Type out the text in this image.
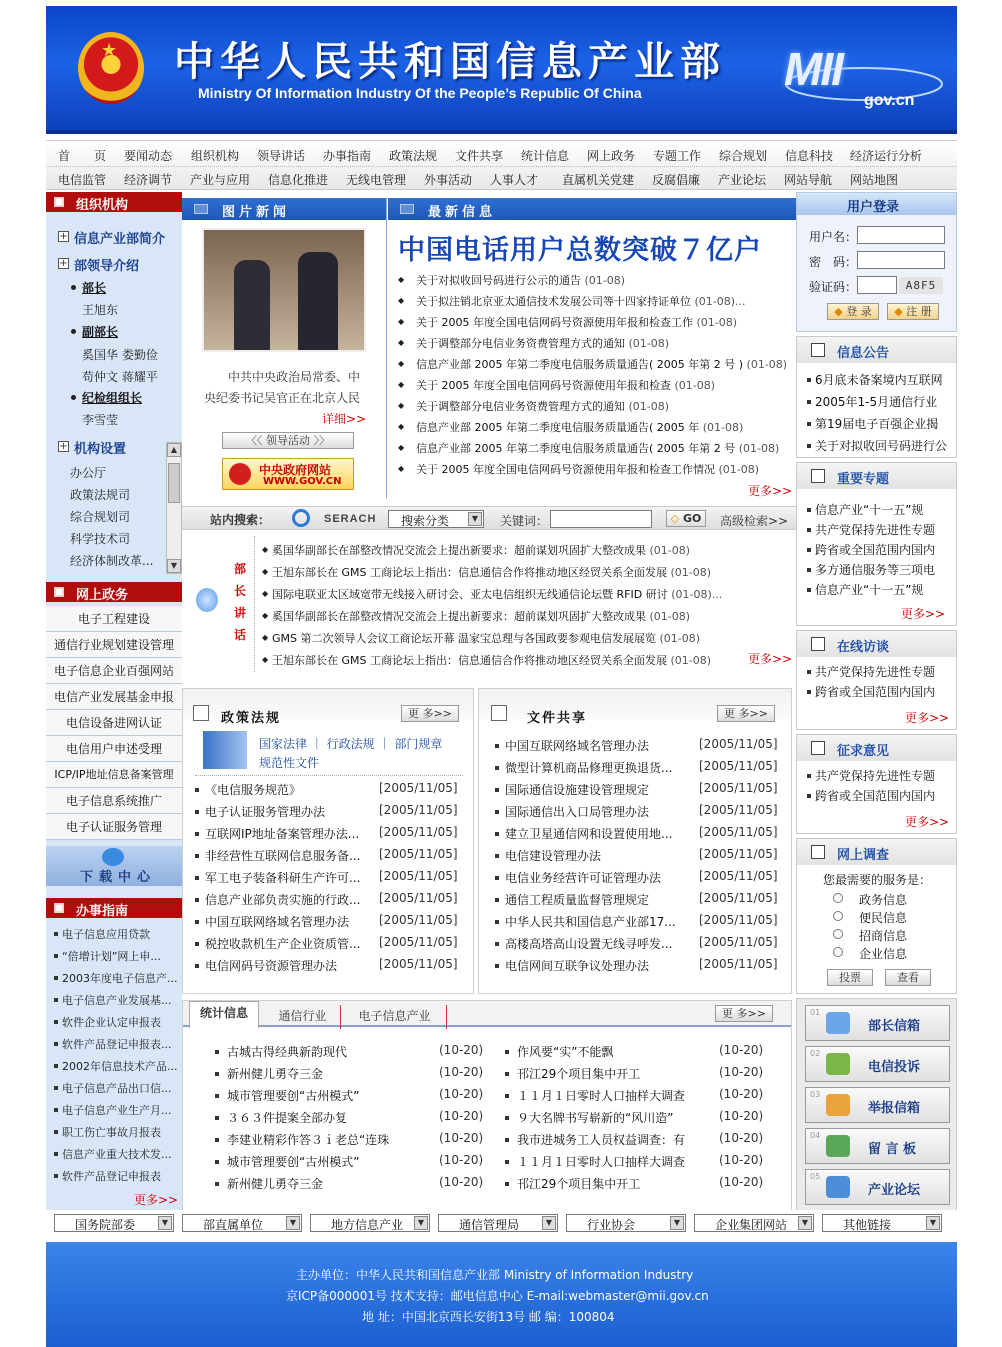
★ 中华人民共和国信息产业部
Ministry Of Information Industry Of the People’s Republic Of China	MII
gov.cn
首　　页 要闻动态 组织机构 领导讲话 办事指南 政策法规 文件共享 统计信息 网上政务 专题工作 综合规划 信息科技 经济运行分析
电信监管 经济调节 产业与应用 信息化推进 无线电管理 外事活动 人事人才 直属机关党建 反腐倡廉 产业论坛 网站导航 网站地图
组织机构
+ 信息产业部简介
+ 部领导介绍
部长
王旭东
副部长
奚国华 娄勤俭
苟仲文 蒋耀平
纪检组组长
李雪莹
+ 机构设置
办公厅
政策法规司
综合规划司
科学技术司
经济体制改革...
▲
▼
网上政务
电子工程建设
通信行业规划建设管理
电子信息企业百强网站
电信产业发展基金申报
电信设备进网认证
电信用户申述受理
ICP/IP地址信息备案管理
电子信息系统推广
电子认证服务管理
下载中心
办事指南
电子信息应用贷款
“倍增计划”网上申...
2003年度电子信息产...
电子信息产业发展基...
软件企业认定申报表
软件产品登记申报表...
2002年信息技术产品...
电子信息产品出口信...
电子信息产业生产月...
职工伤亡事故月报表
信息产业重大技术发...
软件产品登记申报表
更多>>
图片新闻
中共中央政治局常委、中
央纪委书记吴官正在北京人民
详细>>
〈〈 领导活动 〉〉
中央政府网站
WWW.GOV.CN
最新信息
中国电话用户总数突破７亿户
◆ 关于对拟收回号码进行公示的通告 (01-08)
◆ 关于拟注销北京亚太通信技术发展公司等十四家持证单位 (01-08)...
◆ 关于 2005 年度全国电信网码号资源使用年报和检查工作 (01-08)
◆ 关于调整部分电信业务资费管理方式的通知 (01-08)
◆ 信息产业部 2005 年第二季度电信服务质量通告( 2005 年第 2 号 ) (01-08)
◆ 关于 2005 年度全国电信网码号资源使用年报和检查 (01-08)
◆ 关于调整部分电信业务资费管理方式的通知 (01-08)
◆ 信息产业部 2005 年第二季度电信服务质量通告( 2005 年 (01-08)
◆ 信息产业部 2005 年第二季度电信服务质量通告( 2005 年第 2 号 (01-08)
◆ 关于 2005 年度全国电信网码号资源使用年报和检查工作情况 (01-08)
更多>>
站内搜索：	SERACH 搜索分类	▼	关键词：	◇ GO	高级检索>>
部
长
讲
话
◆ 奚国华副部长在部整改情况交流会上提出新要求：超前谋划巩固扩大整改成果 (01-08)
◆ 王旭东部长在 GMS 工商论坛上指出：信息通信合作将推动地区经贸关系全面发展 (01-08)
◆ 国际电联亚太区域宽带无线接入研讨会、亚太电信组织无线通信论坛暨 RFID 研讨 (01-08)...
◆ 奚国华副部长在部整改情况交流会上提出新要求：超前谋划巩固扩大整改成果 (01-08)
◆ GMS 第二次领导人会议工商论坛开幕 温家宝总理与各国政要参观电信发展展览 (01-08)
◆ 王旭东部长在 GMS 工商论坛上指出：信息通信合作将推动地区经贸关系全面发展 (01-08)	更多>>
政策法规	更 多>>
国家法律 ｜ 行政法规 ｜ 部门规章
规范性文件
《电信服务规范》	[2005/11/05]
电子认证服务管理办法	[2005/11/05]
互联网IP地址备案管理办法...	[2005/11/05]
非经营性互联网信息服务备...	[2005/11/05]
军工电子装备科研生产许可...	[2005/11/05]
信息产业部负责实施的行政...	[2005/11/05]
中国互联网络域名管理办法	[2005/11/05]
税控收款机生产企业资质管...	[2005/11/05]
电信网码号资源管理办法	[2005/11/05]
文件共享	更 多>>
中国互联网络域名管理办法	[2005/11/05]
微型计算机商品修理更换退货...	[2005/11/05]
国际通信设施建设管理规定	[2005/11/05]
国际通信出入口局管理办法	[2005/11/05]
建立卫星通信网和设置使用地...	[2005/11/05]
电信建设管理办法	[2005/11/05]
电信业务经营许可证管理办法	[2005/11/05]
通信工程质量监督管理规定	[2005/11/05]
中华人民共和国信息产业部17...	[2005/11/05]
高楼高塔高山设置无线寻呼发...	[2005/11/05]
电信网间互联争议处理办法	[2005/11/05]
统计信息	通信行业	电子信息产业	更 多>>
古城古得经典新韵现代	(10-20)
新州健儿勇夺三金	(10-20)
城市管理要创“古州模式”	(10-20)
３６３件提案全部办复	(10-20)
李建业精彩作答３ｉ老总“连珠	(10-20)
城市管理要创“古州模式”	(10-20)
新州健儿勇夺三金	(10-20)
作风要“实”不能飘	(10-20)
邗江29个项目集中开工	(10-20)
１１月１日零时人口抽样大调查	(10-20)
９大名牌书写崭新的“风川造”	(10-20)
我市进城务工人员权益调查：有	(10-20)
１１月１日零时人口抽样大调查	(10-20)
邗江29个项目集中开工	(10-20)
用户登录
用户名：
密　码：
验证码：	A8F5
◆ 登 录	◆ 注 册
信息公告
6月底未备案境内互联网
2005年1-5月通信行业
第19届电子百强企业揭
关于对拟收回号码进行公
重要专题
信息产业“十一五”规
共产党保持先进性专题
跨省或全国范围内国内
多方通信服务等三项电
信息产业“十一五”规
更多>>
在线访谈
共产党保持先进性专题
跨省或全国范围内国内
更多>>
征求意见
共产党保持先进性专题
跨省或全国范围内国内
更多>>
网上调查
您最需要的服务是：
政务信息
便民信息
招商信息
企业信息
投票	查看
01
部长信箱
02
电信投诉
03
举报信箱
04
留 言 板
05
产业论坛
国务院部委	▼	部直属单位	▼	地方信息产业	▼	通信管理局	▼	行业协会	▼	企业集团网站	▼	其他链接	▼
主办单位：中华人民共和国信息产业部 Ministry of Information Industry
京ICP备000001号 技术支持：邮电信息中心 E-mail:webmaster@mii.gov.cn
地 址：中国北京西长安街13号 邮 编：100804
